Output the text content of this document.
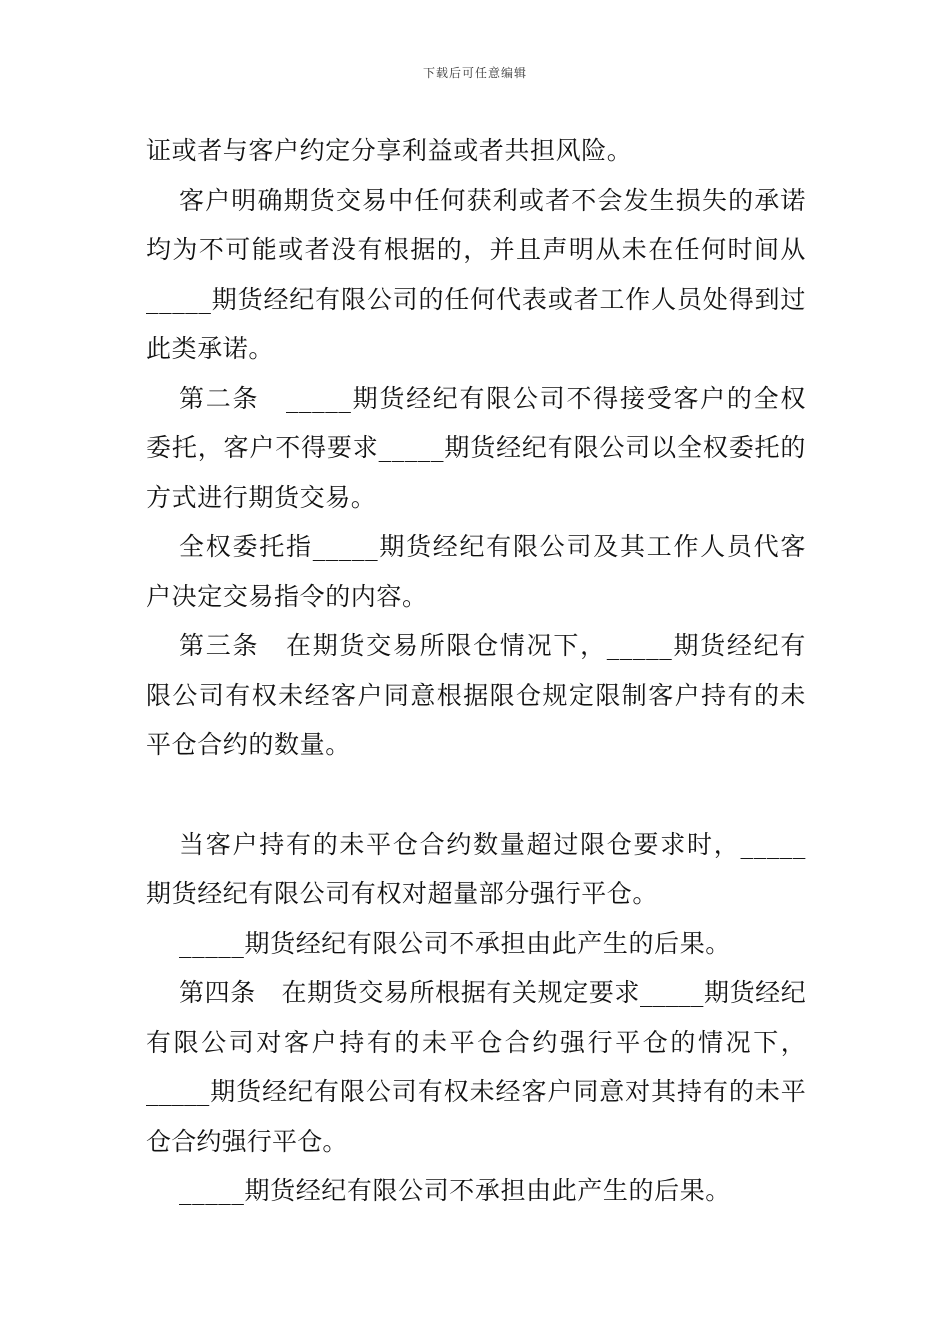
下载后可任意编辑

证或者与客户约定分享利益或者共担风险。

客户明确期货交易中任何获利或者不会发生损失的承诺均为不可能或者没有根据的，并且声明从未在任何时间从_____期货经纪有限公司的任何代表或者工作人员处得到过此类承诺。

第二条　_____期货经纪有限公司不得接受客户的全权委托，客户不得要求_____期货经纪有限公司以全权委托的方式进行期货交易。

全权委托指_____期货经纪有限公司及其工作人员代客户决定交易指令的内容。

第三条　在期货交易所限仓情况下，_____期货经纪有限公司有权未经客户同意根据限仓规定限制客户持有的未平仓合约的数量。

当客户持有的未平仓合约数量超过限仓要求时，_____期货经纪有限公司有权对超量部分强行平仓。

_____期货经纪有限公司不承担由此产生的后果。

第四条　在期货交易所根据有关规定要求_____期货经纪有限公司对客户持有的未平仓合约强行平仓的情况下，_____期货经纪有限公司有权未经客户同意对其持有的未平仓合约强行平仓。

_____期货经纪有限公司不承担由此产生的后果。
